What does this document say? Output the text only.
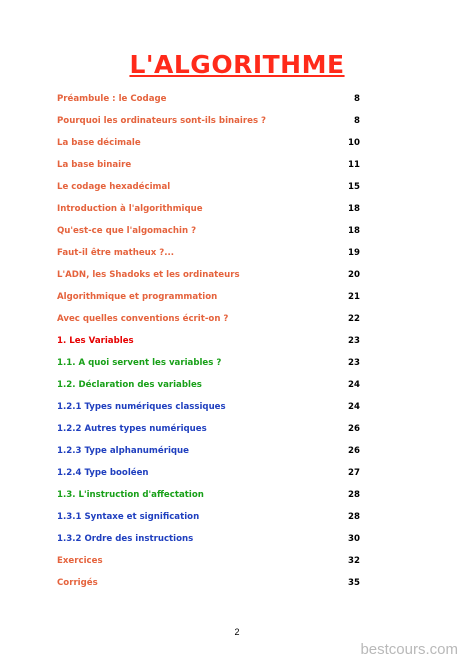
L'ALGORITHME
Préambule : le Codage	8
Pourquoi les ordinateurs sont-ils binaires ?	8
La base décimale	10
La base binaire	11
Le codage hexadécimal	15
Introduction à l'algorithmique	18
Qu'est-ce que l'algomachin ?	18
Faut-il être matheux ?...	19
L'ADN, les Shadoks et les ordinateurs	20
Algorithmique et programmation	21
Avec quelles conventions écrit-on ?	22
1. Les Variables	23
1.1. A quoi servent les variables ?	23
1.2. Déclaration des variables	24
1.2.1 Types numériques classiques	24
1.2.2 Autres types numériques	26
1.2.3 Type alphanumérique	26
1.2.4 Type booléen	27
1.3. L'instruction d'affectation	28
1.3.1 Syntaxe et signification	28
1.3.2 Ordre des instructions	30
Exercices	32
Corrigés	35
2
bestcours.com
